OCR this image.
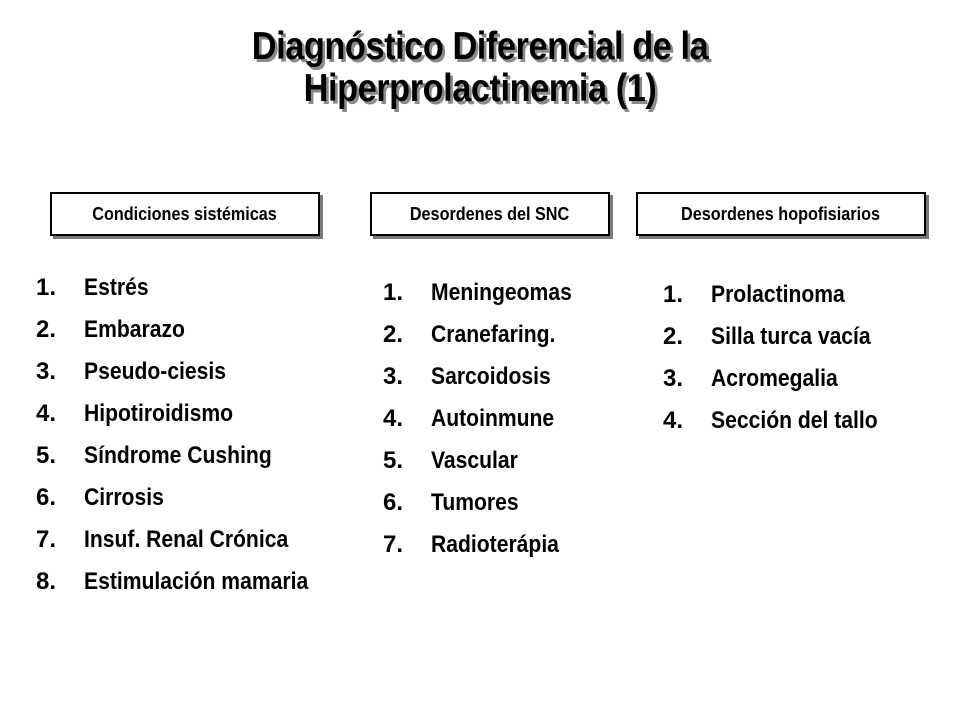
Diagnóstico Diferencial de la
Hiperprolactinemia (1)
Condiciones sistémicas	Desordenes del SNC	Desordenes hopofisiarios
1. Estrés
2. Embarazo
3. Pseudo-ciesis
4. Hipotiroidismo
5. Síndrome Cushing
6. Cirrosis
7. Insuf. Renal Crónica
8. Estimulación mamaria
1. Meningeomas
2. Cranefaring.
3. Sarcoidosis
4. Autoinmune
5. Vascular
6. Tumores
7. Radioterápia
1. Prolactinoma
2. Silla turca vacía
3. Acromegalia
4. Sección del tallo
